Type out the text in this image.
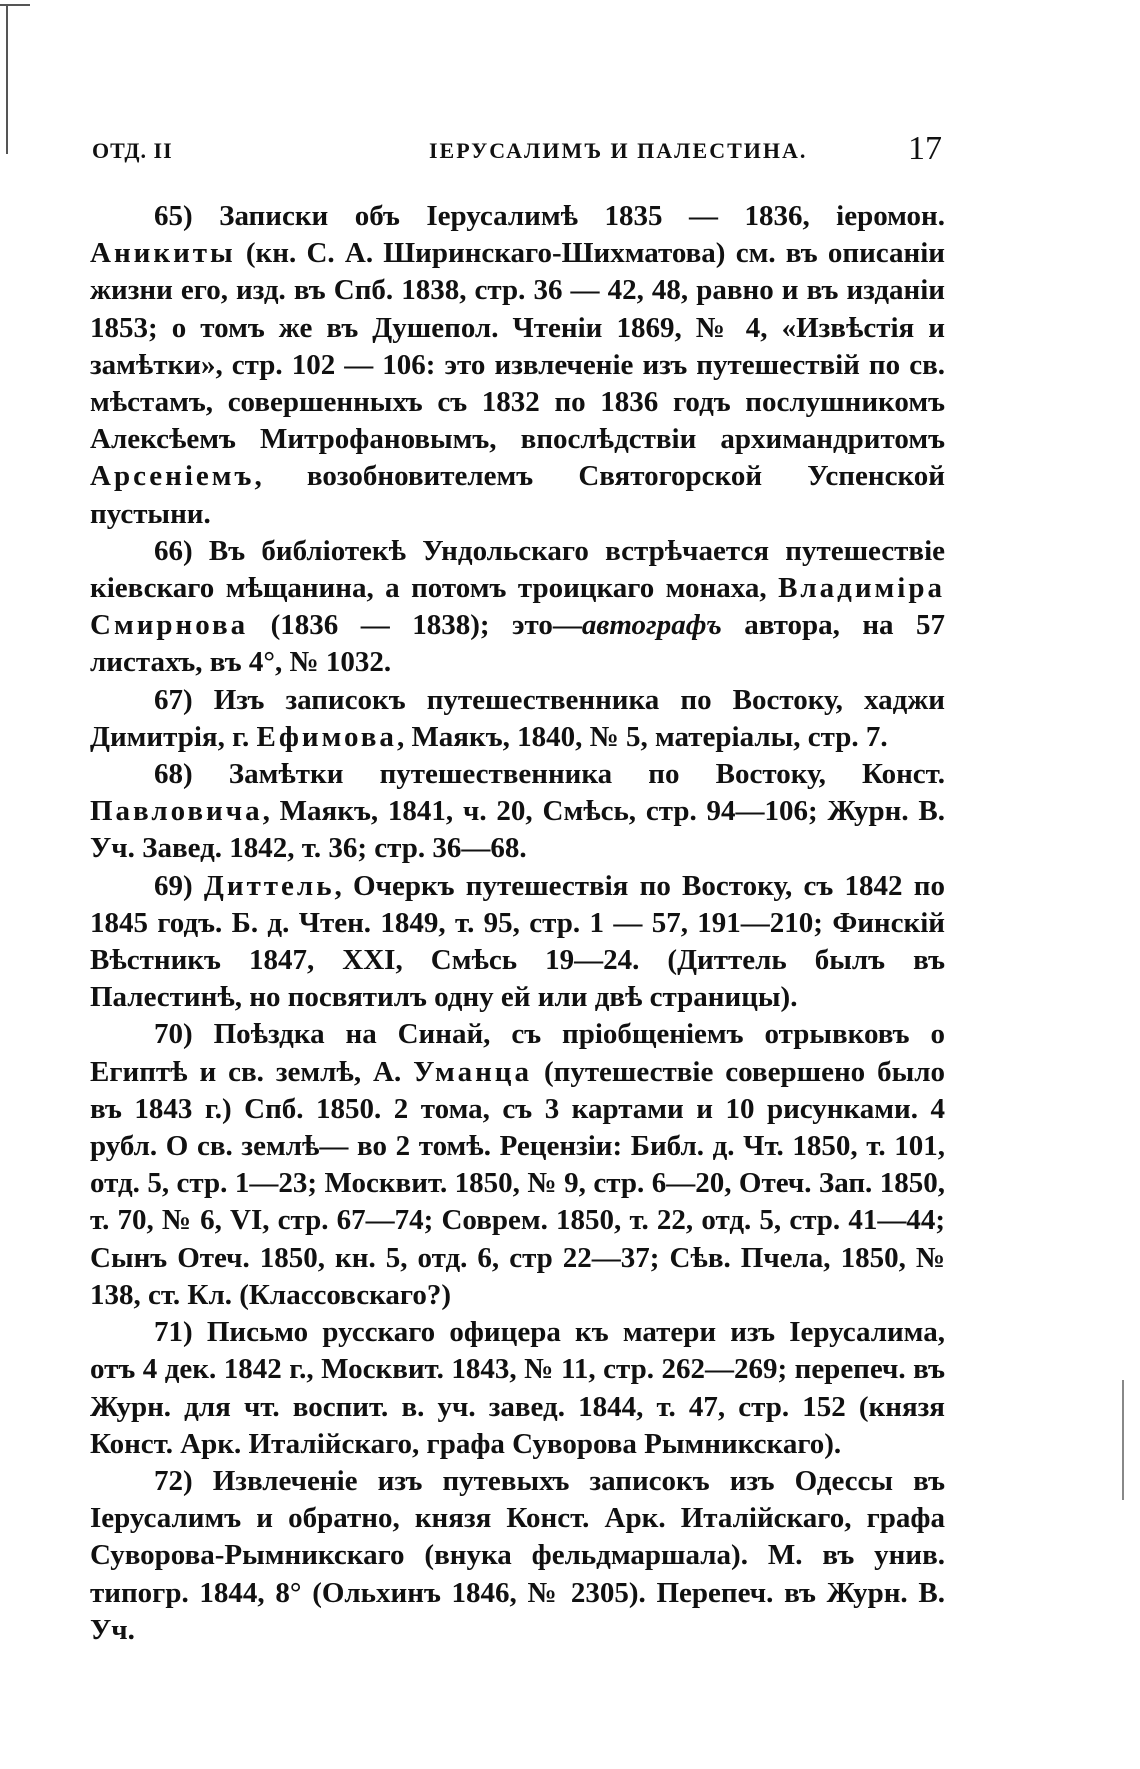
ОТД. II	ІЕРУСАЛИМЪ И ПАЛЕСТИНА.	17

65) Записки объ Іерусалимѣ 1835 — 1836, іеромон. Аникиты (кн. С. А. Ширинскаго-Шихматова) см. въ описаніи жизни его, изд. въ Спб. 1838, стр. 36 — 42, 48, равно и въ изданіи 1853; о томъ же въ Душепол. Чтеніи 1869, № 4, «Извѣстія и замѣтки», стр. 102 — 106: это извлеченіе изъ путешествій по св. мѣстамъ, совершенныхъ съ 1832 по 1836 годъ послушникомъ Алексѣемъ Митрофановымъ, впослѣдствіи архимандритомъ Арсеніемъ, возобновителемъ Святогорской Успенской пустыни.

66) Въ библіотекѣ Ундольскаго встрѣчается путешествіе кіевскаго мѣщанина, а потомъ троицкаго монаха, Владиміра Смирнова (1836 — 1838); это—автографъ автора, на 57 листахъ, въ 4°, № 1032.

67) Изъ записокъ путешественника по Востоку, хаджи Димитрія, г. Ефимова, Маякъ, 1840, № 5, матеріалы, стр. 7.

68) Замѣтки путешественника по Востоку, Конст. Павловича, Маякъ, 1841, ч. 20, Смѣсь, стр. 94—106; Журн. В. Уч. Завед. 1842, т. 36; стр. 36—68.

69) Диттель, Очеркъ путешествія по Востоку, съ 1842 по 1845 годъ. Б. д. Чтен. 1849, т. 95, стр. 1 — 57, 191—210; Финскій Вѣстникъ 1847, XXI, Смѣсь 19—24. (Диттель былъ въ Палестинѣ, но посвятилъ одну ей или двѣ страницы).

70) Поѣздка на Синай, съ пріобщеніемъ отрывковъ о Египтѣ и св. землѣ, А. Уманца (путешествіе совершено было въ 1843 г.) Спб. 1850. 2 тома, съ 3 картами и 10 рисунками. 4 рубл. О св. землѣ— во 2 томѣ. Рецензіи: Библ. д. Чт. 1850, т. 101, отд. 5, стр. 1—23; Москвит. 1850, № 9, стр. 6—20, Отеч. Зап. 1850, т. 70, № 6, VI, стр. 67—74; Соврем. 1850, т. 22, отд. 5, стр. 41—44; Сынъ Отеч. 1850, кн. 5, отд. 6, стр 22—37; Сѣв. Пчела, 1850, № 138, ст. Кл. (Классовскаго?)

71) Письмо русскаго офицера къ матери изъ Іерусалима, отъ 4 дек. 1842 г., Москвит. 1843, № 11, стр. 262—269; перепеч. въ Журн. для чт. воспит. в. уч. завед. 1844, т. 47, стр. 152 (князя Конст. Арк. Италійскаго, графа Суворова Рымникскаго).

72) Извлеченіе изъ путевыхъ записокъ изъ Одессы въ Іерусалимъ и обратно, князя Конст. Арк. Италійскаго, графа Суворова-Рымникскаго (внука фельдмаршала). М. въ унив. типогр. 1844, 8° (Ольхинъ 1846, № 2305). Перепеч. въ Журн. В. Уч.
